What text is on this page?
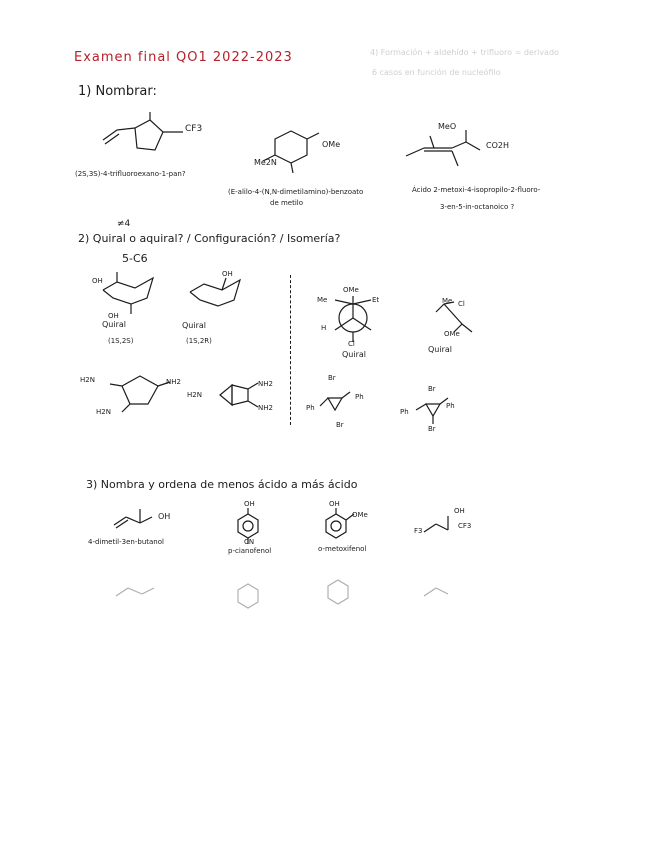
4) Formación + aldehído + trifluoro = derivado
6 casos en función de nucleófilo
Examen final QO1 2022-2023
1) Nombrar:
CF3
(2S,3S)-4-trifluoroexano-1-pan?
OMe
Me2N
(E-alilo-4-(N,N-dimetilamino)-benzoato
de metilo
MeO
CO2H
Ácido 2-metoxi-4-isopropilo-2-fluoro-
3-en-5-in-octanoico ?
≠4
2) Quiral o aquiral? / Configuración? / Isomería?
5-C6
OH
OH
Quiral
(1S,2S)
OH
Quiral
(1S,2R)
OMe
Me	Et
H
Cl
Quiral
Me Cl
OMe
Quiral
H2N	NH2
H2N
H2N
NH2
NH2
Br
Ph
Ph
Br
Br
Ph
Ph
Br
3) Nombra y ordena de menos ácido a más ácido
OH
4-dimetil-3en-butanol
OH
CN
p-cianofenol
OH
OMe
o-metoxifenol
OH
F3
CF3
